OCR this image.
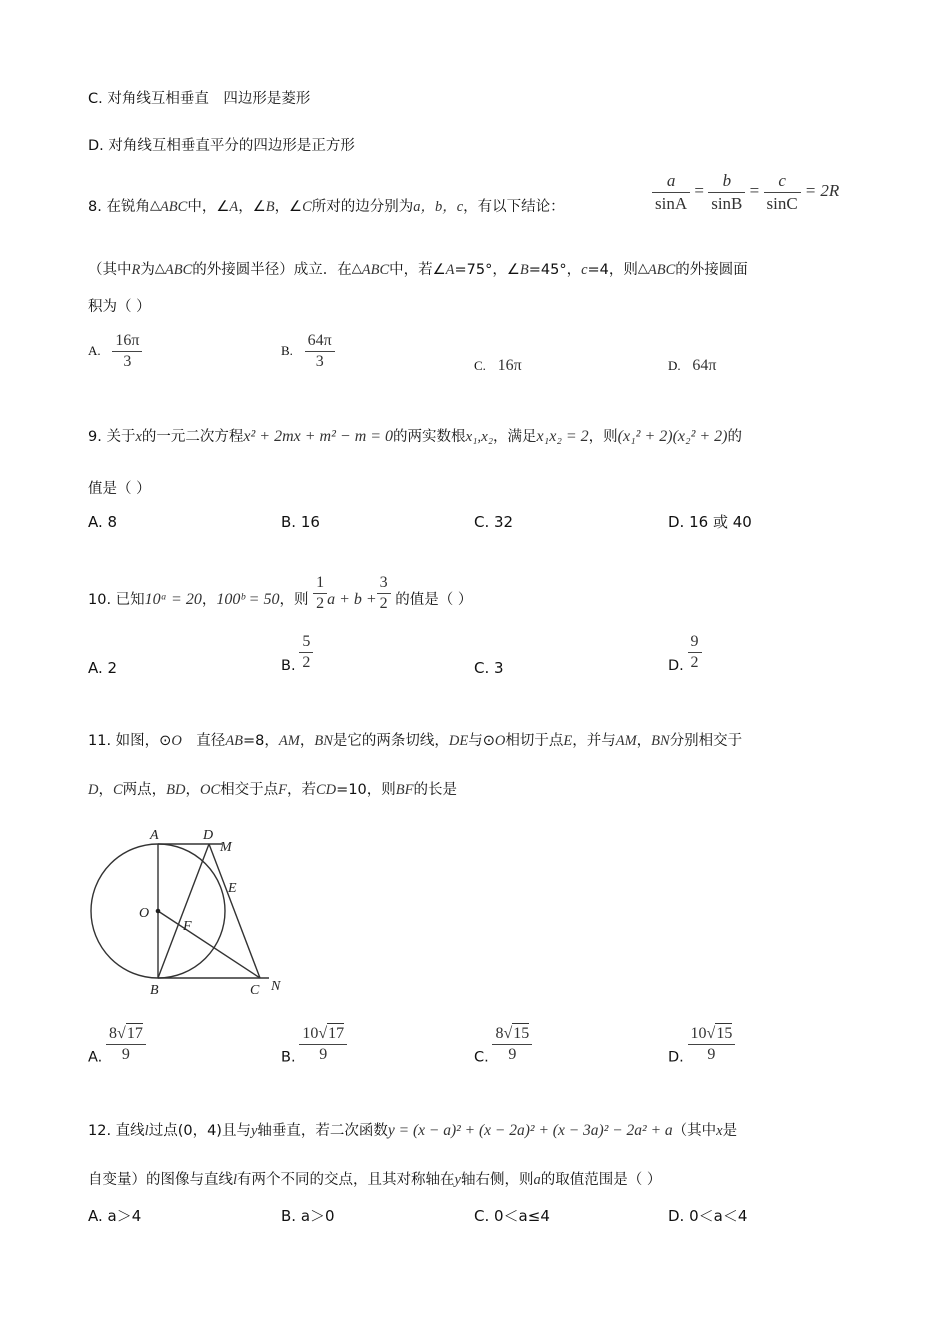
C. 对角线互相垂直　四边形是菱形
D. 对角线互相垂直平分的四边形是正方形
8. 在锐角△ABC中，∠A，∠B，∠C所对的边分别为a，b，c，有以下结论：	$\frac{a}{\sin A} = \frac{b}{\sin B} = \frac{c}{\sin C} = 2R$
（其中R为△ABC的外接圆半径）成立．在△ABC中，若∠A=75°，∠B=45°，c=4，则△ABC的外接圆面
积为（ ）
A. $\frac{16\pi}{3}$	B. $\frac{64\pi}{3}$	C. 16π	D. 64π
9. 关于x的一元二次方程x² + 2mx + m² − m = 0的两实数根x₁,x₂，满足x₁x₂ = 2，则(x₁² + 2)(x₂² + 2)的
值是（ ）
A. 8	B. 16	C. 32	D. 16 或 40
10. 已知10ᵃ = 20，100ᵇ = 50，则 $\frac{1}{2}$ $a + b + \frac{3}{2}$ 的值是（ ）
A. 2	B. $\frac{5}{2}$	C. 3	D. $\frac{9}{2}$
11. 如图，⊙O　直径AB=8，AM，BN是它的两条切线，DE与⊙O相切于点E，并与AM，BN分别相交于
D，C两点，BD，OC相交于点F，若CD=10，则BF的长是
A	D
M
E
O
F
B	C N
A. $\frac{8√17}{9}$	B. $\frac{10√17}{9}$	C. $\frac{8√15}{9}$	D. $\frac{10√15}{9}$
12. 直线l过点(0，4)且与y轴垂直，若二次函数y = (x − a)² + (x − 2a)² + (x − 3a)² − 2a² + a（其中x是
自变量）的图像与直线l有两个不同的交点，且其对称轴在y轴右侧，则a的取值范围是（ ）
A. a＞4	B. a＞0	C. 0＜a≤4	D. 0＜a＜4
